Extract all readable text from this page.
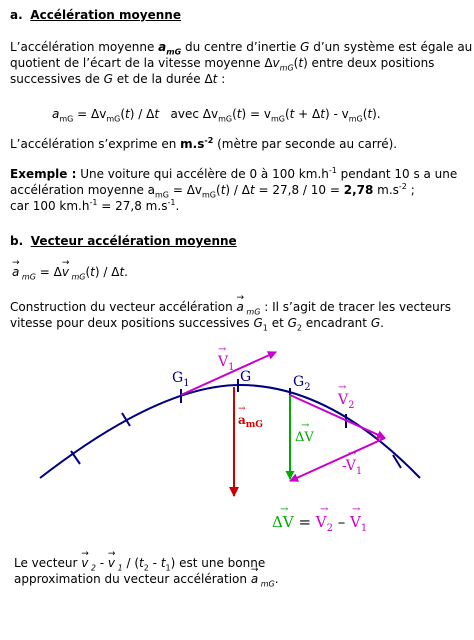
a. Accélération moyenne
L’accélération moyenne $a_{mG}$ du centre d’inertie G d’un système est égale au
quotient de l’écart de la vitesse moyenne $\Delta v_{mG}(t)$ entre deux positions
successives de G et de la durée Δt :
$a_{mG} = \Delta v_{mG}(t) / \Delta t$   avec $\Delta v_{mG}(t) = v_{mG}(t + \Delta t) - v_{mG}(t)$.
L’accélération s’exprime en $m.s^{-2}$ (mètre par seconde au carré).
Exemple : Une voiture qui accélère de 0 à 100 $km.h^{-1}$ pendant 10 s a une
accélération moyenne $a_{mG} = \Delta v_{mG}(t) / \Delta t = 27,8 / 10 = 2,78$ $m.s^{-2}$ ;
car 100 $km.h^{-1} = 27,8$ $m.s^{-1}$.
b. Vecteur accélération moyenne
→ a $_{mG}$ = Δ→ v $_{mG}$(t) / Δt.
Construction du vecteur accélération → a $_{mG}$ : Il s’agit de tracer les vecteurs
vitesse pour deux positions successives $G_1$ et $G_2$ encadrant G.
$G_1$	G	$G_2$
$V_1$
→
$V_2$
→
$-V_1$
→
ΔV
→
$a_{mG}$
→
$\Delta V = V_2 - V_1$
→	→ →
Le vecteur → v $_2$ - → v $_1 / (t_2 - t_1)$ est une bonne
approximation du vecteur accélération → a $_{mG}$.
